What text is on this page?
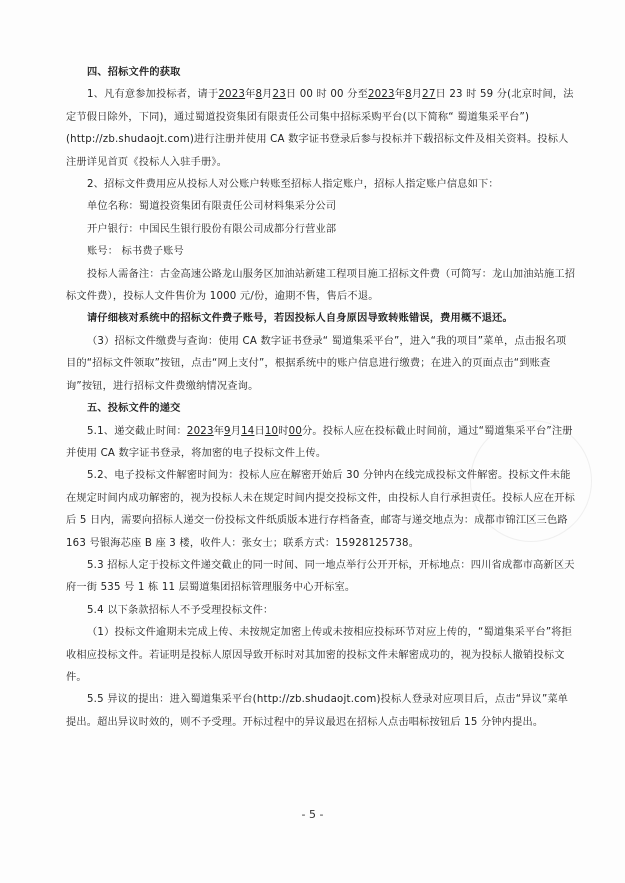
四、招标文件的获取

1、凡有意参加投标者，请于2023年8月23日 00 时 00 分至2023年8月27日 23 时 59 分(北京时间，法定节假日除外，下同)，通过蜀道投资集团有限责任公司集中招标采购平台(以下简称“ 蜀道集采平台”)(http://zb.shudaojt.com)进行注册并使用 CA 数字证书登录后参与投标并下载招标文件及相关资料。投标人注册详见首页《投标人入驻手册》。

2、招标文件费用应从投标人对公账户转账至招标人指定账户，招标人指定账户信息如下：

单位名称：蜀道投资集团有限责任公司材料集采分公司

开户银行：中国民生银行股份有限公司成都分行营业部

账号： 标书费子账号

投标人需备注：古金高速公路龙山服务区加油站新建工程项目施工招标文件费（可简写：龙山加油站施工招标文件费），投标人文件售价为 1000 元/份，逾期不售，售后不退。

请仔细核对系统中的招标文件费子账号，若因投标人自身原因导致转账错误，费用概不退还。

（3）招标文件缴费与查询：使用 CA 数字证书登录“ 蜀道集采平台”，进入“我的项目”菜单，点击报名项目的“招标文件领取”按钮，点击“网上支付”，根据系统中的账户信息进行缴费；在进入的页面点击“到账查询”按钮，进行招标文件费缴纳情况查询。

五、投标文件的递交

5.1、递交截止时间：2023年9月14日10时00分。投标人应在投标截止时间前，通过“蜀道集采平台”注册并使用 CA 数字证书登录，将加密的电子投标文件上传。

5.2、电子投标文件解密时间为：投标人应在解密开始后 30 分钟内在线完成投标文件解密。投标文件未能在规定时间内成功解密的，视为投标人未在规定时间内提交投标文件，由投标人自行承担责任。投标人应在开标后 5 日内，需要向招标人递交一份投标文件纸质版本进行存档备查，邮寄与递交地点为：成都市锦江区三色路 163 号银海芯座 B 座 3 楼，收件人：张女士；联系方式：15928125738。

5.3 招标人定于投标文件递交截止的同一时间、同一地点举行公开开标，开标地点：四川省成都市高新区天府一街 535 号 1 栋 11 层蜀道集团招标管理服务中心开标室。

5.4 以下条款招标人不予受理投标文件：

（1）投标文件逾期未完成上传、未按规定加密上传或未按相应投标环节对应上传的，“蜀道集采平台”将拒收相应投标文件。若证明是投标人原因导致开标时对其加密的投标文件未解密成功的，视为投标人撤销投标文件。

5.5 异议的提出：进入蜀道集采平台(http://zb.shudaojt.com)投标人登录对应项目后，点击“异议”菜单提出。超出异议时效的，则不予受理。开标过程中的异议最迟在招标人点击唱标按钮后 15 分钟内提出。

- 5 -
